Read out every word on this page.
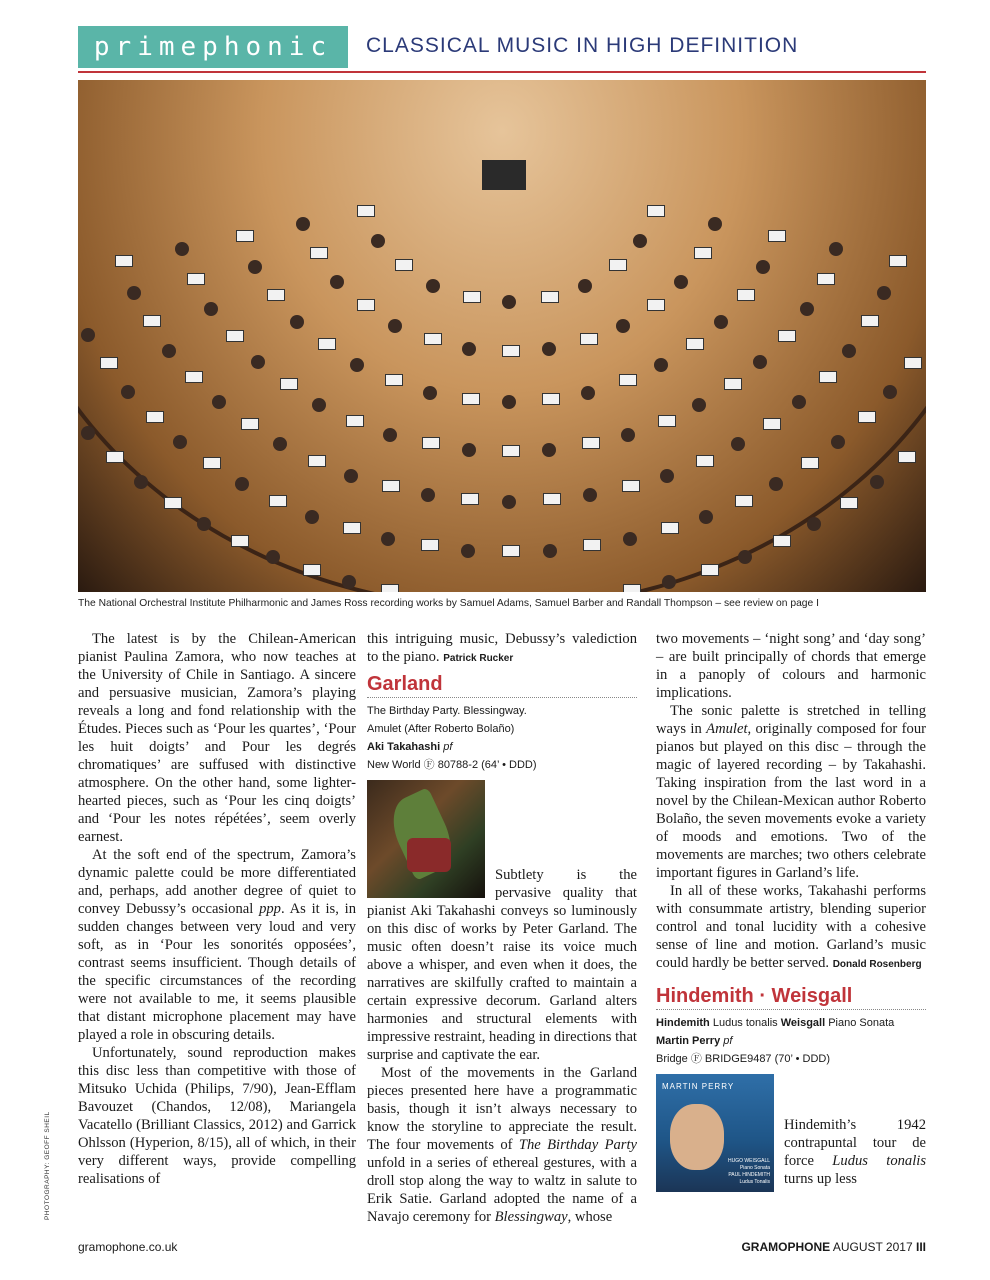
primephonic	CLASSICAL MUSIC IN HIGH DEFINITION
The National Orchestral Institute Philharmonic and James Ross recording works by Samuel Adams, Samuel Barber and Randall Thompson – see review on page I

The latest is by the Chilean-American pianist Paulina Zamora, who now teaches at the University of Chile in Santiago. A sincere and persuasive musician, Zamora’s playing reveals a long and fond relationship with the Études. Pieces such as ‘Pour les quartes’, ‘Pour les huit doigts’ and Pour les degrés chromatiques’ are suffused with distinctive atmosphere. On the other hand, some lighter-hearted pieces, such as ‘Pour les cinq doigts’ and ‘Pour les notes répétées’, seem overly earnest.

At the soft end of the spectrum, Zamora’s dynamic palette could be more differentiated and, perhaps, add another degree of quiet to convey Debussy’s occasional ppp. As it is, in sudden changes between very loud and very soft, as in ‘Pour les sonorités opposées’, contrast seems insufficient. Though details of the specific circumstances of the recording were not available to me, it seems plausible that distant microphone placement may have played a role in obscuring details.

Unfortunately, sound reproduction makes this disc less than competitive with those of Mitsuko Uchida (Philips, 7/90), Jean-Efflam Bavouzet (Chandos, 12/08), Mariangela Vacatello (Brilliant Classics, 2012) and Garrick Ohlsson (Hyperion, 8/15), all of which, in their very different ways, provide compelling realisations of

this intriguing music, Debussy’s valediction to the piano. Patrick Rucker

Garland

The Birthday Party. Blessingway.

Amulet (After Roberto Bolaño)

Aki Takahashi pf

New World Ⓕ 80788-2 (64’ • DDD)

Subtlety is the pervasive quality that pianist Aki Takahashi conveys so luminously on this disc of works by Peter Garland. The music often doesn’t raise its voice much above a whisper, and even when it does, the narratives are skilfully crafted to maintain a certain expressive decorum. Garland alters harmonies and structural elements with impressive restraint, heading in directions that surprise and captivate the ear.

Most of the movements in the Garland pieces presented here have a programmatic basis, though it isn’t always necessary to know the storyline to appreciate the result. The four movements of The Birthday Party unfold in a series of ethereal gestures, with a droll stop along the way to waltz in salute to Erik Satie. Garland adopted the name of a Navajo ceremony for Blessingway, whose

two movements – ‘night song’ and ‘day song’ – are built principally of chords that emerge in a panoply of colours and harmonic implications.

The sonic palette is stretched in telling ways in Amulet, originally composed for four pianos but played on this disc – through the magic of layered recording – by Takahashi. Taking inspiration from the last word in a novel by the Chilean-Mexican author Roberto Bolaño, the seven movements evoke a variety of moods and emotions. Two of the movements are marches; two others celebrate important figures in Garland’s life.

In all of these works, Takahashi performs with consummate artistry, blending superior control and tonal lucidity with a cohesive sense of line and motion. Garland’s music could hardly be better served. Donald Rosenberg

Hindemith · Weisgall

Hindemith Ludus tonalis Weisgall Piano Sonata

Martin Perry pf

Bridge Ⓕ BRIDGE9487 (70’ • DDD)

MARTIN PERRY
HUGO WEISGALL
Piano Sonata
PAUL HINDEMITH
Ludus Tonalis

Hindemith’s 1942 contrapuntal tour de force Ludus tonalis turns up less

PHOTOGRAPHY: GEOFF SHEIL
gramophone.co.uk	GRAMOPHONE AUGUST 2017 III
